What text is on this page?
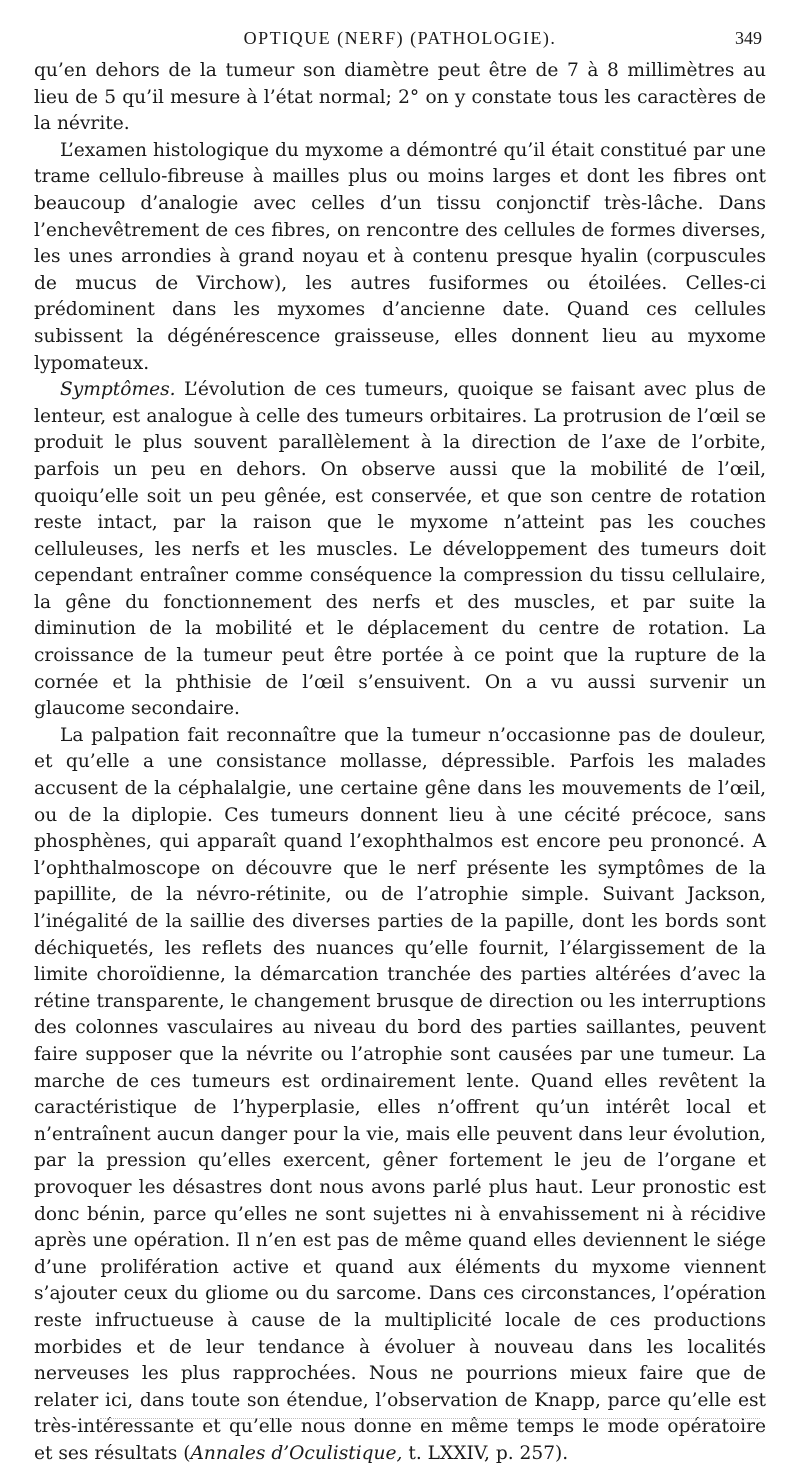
OPTIQUE (NERF) (PATHOLOGIE).	349

qu’en dehors de la tumeur son diamètre peut être de 7 à 8 millimètres au lieu de 5 qu’il mesure à l’état normal; 2° on y constate tous les caractères de la névrite.

L’examen histologique du myxome a démontré qu’il était constitué par une trame cellulo-fibreuse à mailles plus ou moins larges et dont les fibres ont beaucoup d’analogie avec celles d’un tissu conjonctif très-lâche. Dans l’enchevêtrement de ces fibres, on rencontre des cellules de formes diverses, les unes arrondies à grand noyau et à contenu presque hyalin (corpuscules de mucus de Virchow), les autres fusiformes ou étoilées. Celles-ci prédominent dans les myxomes d’ancienne date. Quand ces cellules subissent la dégénérescence graisseuse, elles donnent lieu au myxome lypomateux.

Symptômes. L’évolution de ces tumeurs, quoique se faisant avec plus de lenteur, est analogue à celle des tumeurs orbitaires. La protrusion de l’œil se produit le plus souvent parallèlement à la direction de l’axe de l’orbite, parfois un peu en dehors. On observe aussi que la mobilité de l’œil, quoiqu’elle soit un peu gênée, est conservée, et que son centre de rotation reste intact, par la raison que le myxome n’atteint pas les couches celluleuses, les nerfs et les muscles. Le développement des tumeurs doit cependant entraîner comme conséquence la compression du tissu cellulaire, la gêne du fonctionnement des nerfs et des muscles, et par suite la diminution de la mobilité et le déplacement du centre de rotation. La croissance de la tumeur peut être portée à ce point que la rupture de la cornée et la phthisie de l’œil s’ensuivent. On a vu aussi survenir un glaucome secondaire.

La palpation fait reconnaître que la tumeur n’occasionne pas de douleur, et qu’elle a une consistance mollasse, dépressible. Parfois les malades accusent de la céphalalgie, une certaine gêne dans les mouvements de l’œil, ou de la diplopie. Ces tumeurs donnent lieu à une cécité précoce, sans phosphènes, qui apparaît quand l’exophthalmos est encore peu prononcé. A l’ophthalmoscope on découvre que le nerf présente les symptômes de la papillite, de la névro-rétinite, ou de l’atrophie simple. Suivant Jackson, l’inégalité de la saillie des diverses parties de la papille, dont les bords sont déchiquetés, les reflets des nuances qu’elle fournit, l’élargissement de la limite choroïdienne, la démarcation tranchée des parties altérées d’avec la rétine transparente, le changement brusque de direction ou les interruptions des colonnes vasculaires au niveau du bord des parties saillantes, peuvent faire supposer que la névrite ou l’atrophie sont causées par une tumeur. La marche de ces tumeurs est ordinairement lente. Quand elles revêtent la caractéristique de l’hyperplasie, elles n’offrent qu’un intérêt local et n’entraînent aucun danger pour la vie, mais elle peuvent dans leur évolution, par la pression qu’elles exercent, gêner fortement le jeu de l’organe et provoquer les désastres dont nous avons parlé plus haut. Leur pronostic est donc bénin, parce qu’elles ne sont sujettes ni à envahissement ni à récidive après une opération. Il n’en est pas de même quand elles deviennent le siége d’une prolifération active et quand aux éléments du myxome viennent s’ajouter ceux du gliome ou du sarcome. Dans ces circonstances, l’opération reste infructueuse à cause de la multiplicité locale de ces productions morbides et de leur tendance à évoluer à nouveau dans les localités nerveuses les plus rapprochées. Nous ne pourrions mieux faire que de relater ici, dans toute son étendue, l’observation de Knapp, parce qu’elle est très-intéressante et qu’elle nous donne en même temps le mode opératoire et ses résultats (Annales d’Oculistique, t. LXXIV, p. 257).
